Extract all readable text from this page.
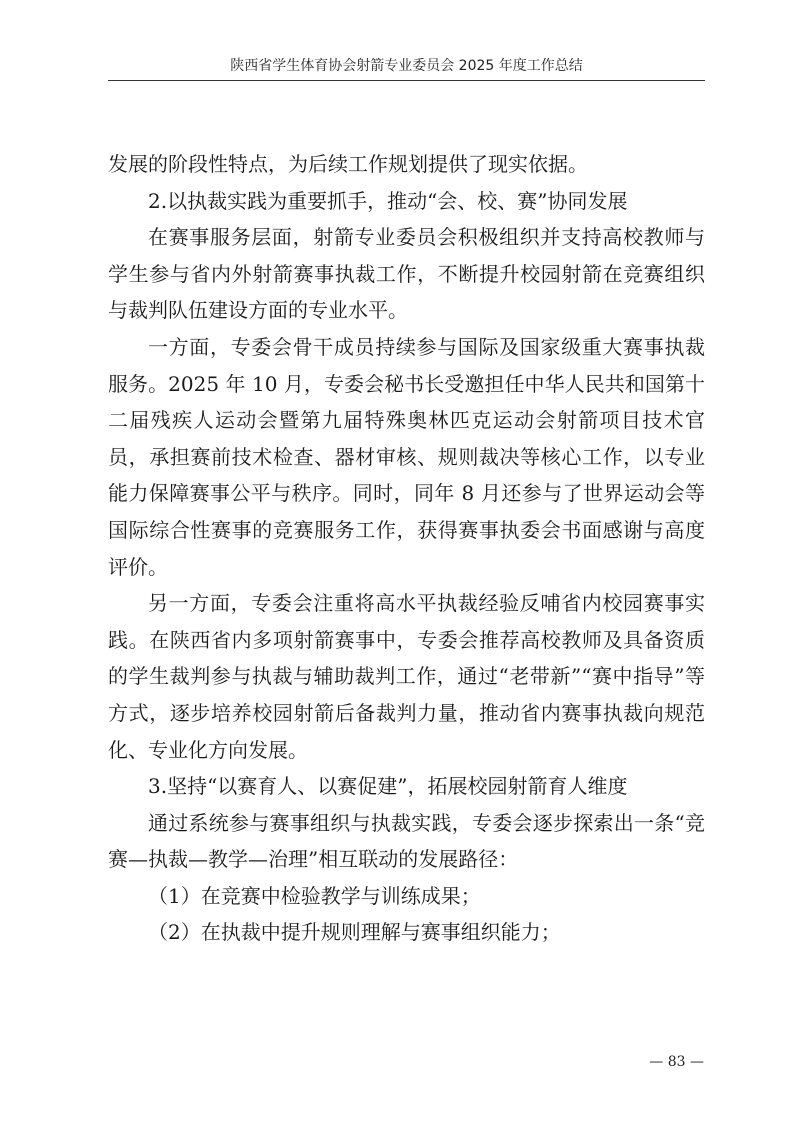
陕西省学生体育协会射箭专业委员会 2025 年度工作总结

发展的阶段性特点，为后续工作规划提供了现实依据。

2.以执裁实践为重要抓手，推动“会、校、赛”协同发展

在赛事服务层面，射箭专业委员会积极组织并支持高校教师与学生参与省内外射箭赛事执裁工作，不断提升校园射箭在竞赛组织与裁判队伍建设方面的专业水平。

一方面，专委会骨干成员持续参与国际及国家级重大赛事执裁服务。2025 年 10 月，专委会秘书长受邀担任中华人民共和国第十二届残疾人运动会暨第九届特殊奥林匹克运动会射箭项目技术官员，承担赛前技术检查、器材审核、规则裁决等核心工作，以专业能力保障赛事公平与秩序。同时，同年 8 月还参与了世界运动会等国际综合性赛事的竞赛服务工作，获得赛事执委会书面感谢与高度评价。

另一方面，专委会注重将高水平执裁经验反哺省内校园赛事实践。在陕西省内多项射箭赛事中，专委会推荐高校教师及具备资质的学生裁判参与执裁与辅助裁判工作，通过“老带新”“赛中指导”等方式，逐步培养校园射箭后备裁判力量，推动省内赛事执裁向规范化、专业化方向发展。

3.坚持“以赛育人、以赛促建”，拓展校园射箭育人维度

通过系统参与赛事组织与执裁实践，专委会逐步探索出一条“竞赛—执裁—教学—治理”相互联动的发展路径：

（1）在竞赛中检验教学与训练成果；

（2）在执裁中提升规则理解与赛事组织能力；

— 83 —
